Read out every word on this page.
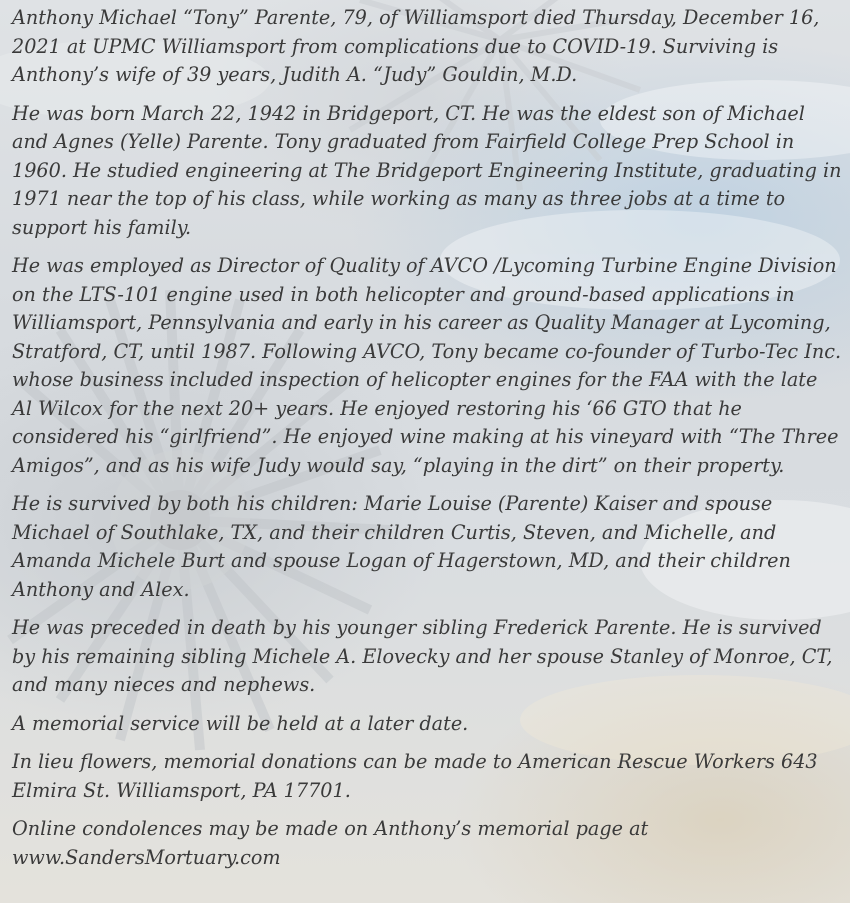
Anthony Michael “Tony” Parente, 79, of Williamsport died Thursday, December 16, 2021 at UPMC Williamsport from complications due to COVID-19. Surviving is Anthony’s wife of 39 years, Judith A. “Judy” Gouldin, M.D.

He was born March 22, 1942 in Bridgeport, CT. He was the eldest son of Michael and Agnes (Yelle) Parente. Tony graduated from Fairfield College Prep School in 1960. He studied engineering at The Bridgeport Engineering Institute, graduating in 1971 near the top of his class, while working as many as three jobs at a time to support his family.

He was employed as Director of Quality of AVCO /Lycoming Turbine Engine Division on the LTS-101 engine used in both helicopter and ground-based applications in Williamsport, Pennsylvania and early in his career as Quality Manager at Lycoming, Stratford, CT, until 1987. Following AVCO, Tony became co-founder of Turbo-Tec Inc. whose business included inspection of helicopter engines for the FAA with the late Al Wilcox for the next 20+ years. He enjoyed restoring his ‘66 GTO that he considered his “girlfriend”. He enjoyed wine making at his vineyard with “The Three Amigos”, and as his wife Judy would say, “playing in the dirt” on their property.

He is survived by both his children: Marie Louise (Parente) Kaiser and spouse Michael of Southlake, TX, and their children Curtis, Steven, and Michelle, and Amanda Michele Burt and spouse Logan of Hagerstown, MD, and their children Anthony and Alex.

He was preceded in death by his younger sibling Frederick Parente. He is survived by his remaining sibling Michele A. Elovecky and her spouse Stanley of Monroe, CT, and many nieces and nephews.

A memorial service will be held at a later date.

In lieu flowers, memorial donations can be made to American Rescue Workers 643 Elmira St. Williamsport, PA 17701.

Online condolences may be made on Anthony’s memorial page at www.SandersMortuary.com
